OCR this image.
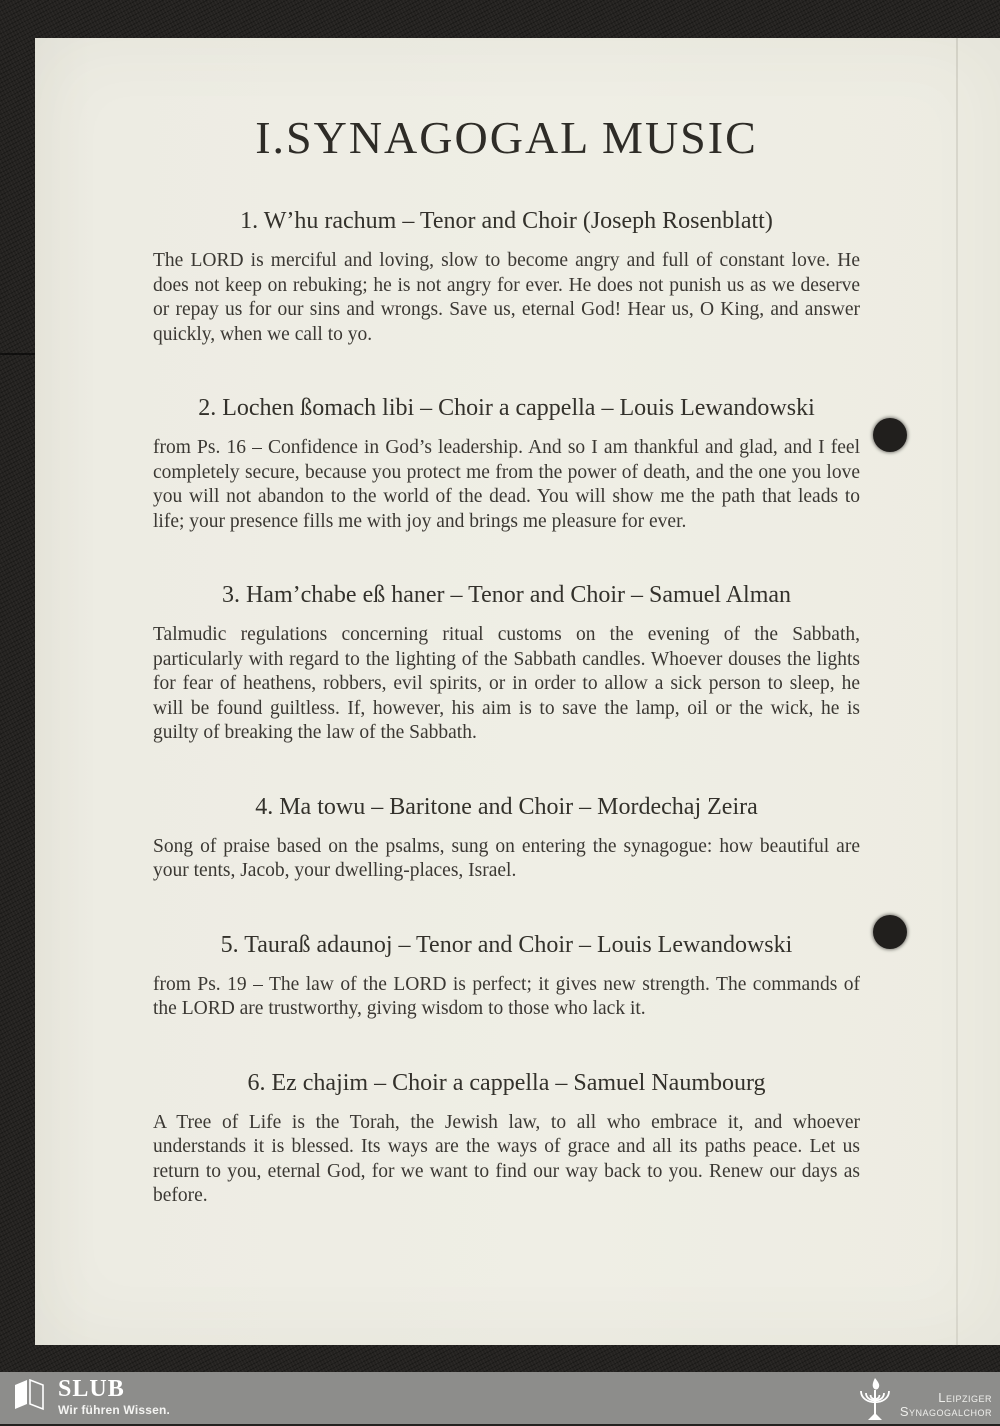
I.SYNAGOGAL MUSIC
1. W’hu rachum – Tenor and Choir (Joseph Rosenblatt)

The LORD is merciful and loving, slow to become angry and full of constant love. He does not keep on rebuking; he is not angry for ever. He does not punish us as we deserve or repay us for our sins and wrongs. Save us, eternal God! Hear us, O King, and answer quickly, when we call to yo.

2. Lochen ßomach libi – Choir a cappella – Louis Lewandowski

from Ps. 16 – Confidence in God’s leadership. And so I am thankful and glad, and I feel completely secure, because you protect me from the power of death, and the one you love you will not abandon to the world of the dead. You will show me the path that leads to life; your presence fills me with joy and brings me pleasure for ever.

3. Ham’chabe eß haner – Tenor and Choir – Samuel Alman

Talmudic regulations concerning ritual customs on the evening of the Sabbath, particularly with regard to the lighting of the Sabbath candles. Whoever douses the lights for fear of heathens, robbers, evil spirits, or in order to allow a sick person to sleep, he will be found guiltless. If, however, his aim is to save the lamp, oil or the wick, he is guilty of breaking the law of the Sabbath.

4. Ma towu – Baritone and Choir – Mordechaj Zeira

Song of praise based on the psalms, sung on entering the synagogue: how beautiful are your tents, Jacob, your dwelling-places, Israel.

5. Tauraß adaunoj – Tenor and Choir – Louis Lewandowski

from Ps. 19 – The law of the LORD is perfect; it gives new strength. The commands of the LORD are trustworthy, giving wisdom to those who lack it.

6. Ez chajim – Choir a cappella – Samuel Naumbourg

A Tree of Life is the Torah, the Jewish law, to all who embrace it, and whoever understands it is blessed. Its ways are the ways of grace and all its paths peace. Let us return to you, eternal God, for we want to find our way back to you. Renew our days as before.

SLUB
Wir führen Wissen.
Leipziger
Synagogalchor
